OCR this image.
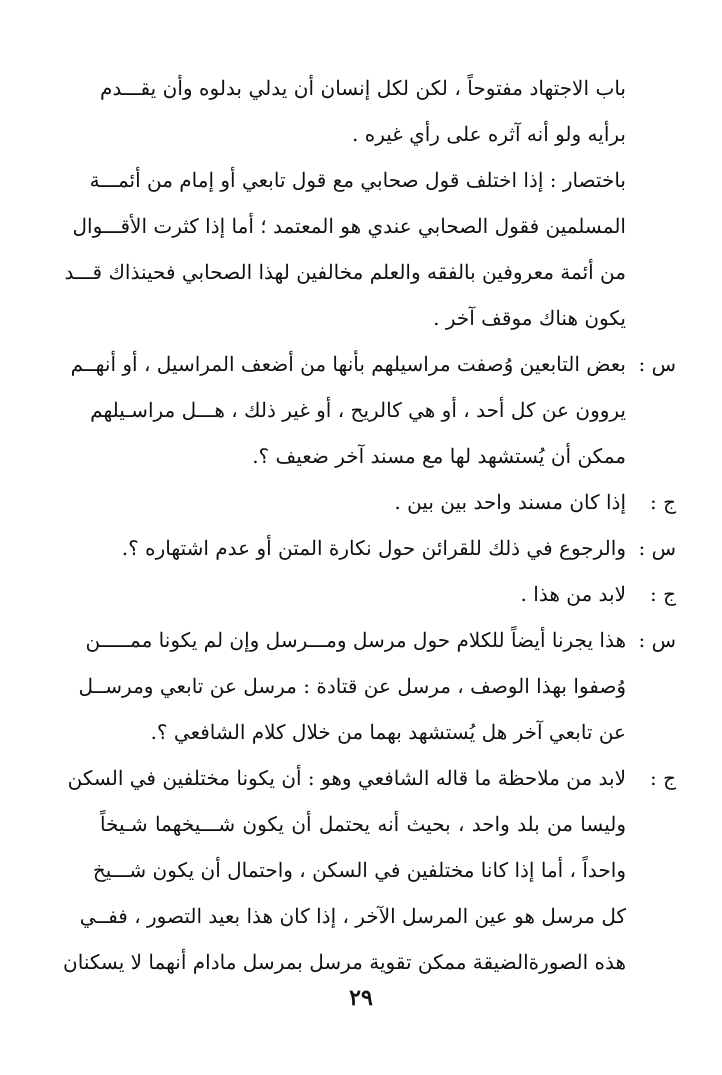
باب الاجتهاد مفتوحاً ، لكن لكل إنسان أن يدلي بدلوه وأن يقـــدم
برأيه ولو أنه آثره على رأي غيره .
باختصار : إذا اختلف قول صحابي مع قول تابعي أو إمام من أئمـــة
المسلمين فقول الصحابي عندي هو المعتمد ؛ أما إذا كثرت الأقـــوال
من أئمة معروفين بالفقه والعلم مخالفين لهذا الصحابي فحينذاك قـــد
يكون هناك موقف آخر .
س :
بعض التابعين وُصفت مراسيلهم بأنها من أضعف المراسيل ، أو أنهــم
يروون عن كل أحد ، أو هي كالريح ، أو غير ذلك ، هـــل مراسـيلهم
ممكن أن يُستشهد لها مع مسند آخر ضعيف ؟.
ج :
إذا كان مسند واحد بين بين .
س :
والرجوع في ذلك للقرائن حول نكارة المتن أو عدم اشتهاره ؟.
ج :
لابد من هذا .
س :
هذا يجرنا أيضاً للكلام حول مرسل ومـــرسل وإن لم يكونا ممـــــن
وُصفوا بهذا الوصف ، مرسل عن قتادة : مرسل عن تابعي ومرســل
عن تابعي آخر هل يُستشهد بهما من خلال كلام الشافعي ؟.
ج :
لابد من ملاحظة ما قاله الشافعي وهو : أن يكونا مختلفين في السكن
وليسا من بلد واحد ، بحيث أنه يحتمل أن يكون شـــيخهما شـيخاً
واحداً ، أما إذا كانا مختلفين في السكن ، واحتمال أن يكون شـــيخ
كل مرسل هو عين المرسل الآخر ، إذا كان هذا بعيد التصور ، ففــي
هذه الصورةالضيقة ممكن تقوية مرسل بمرسل مادام أنهما لا يسكنان
٢٩
